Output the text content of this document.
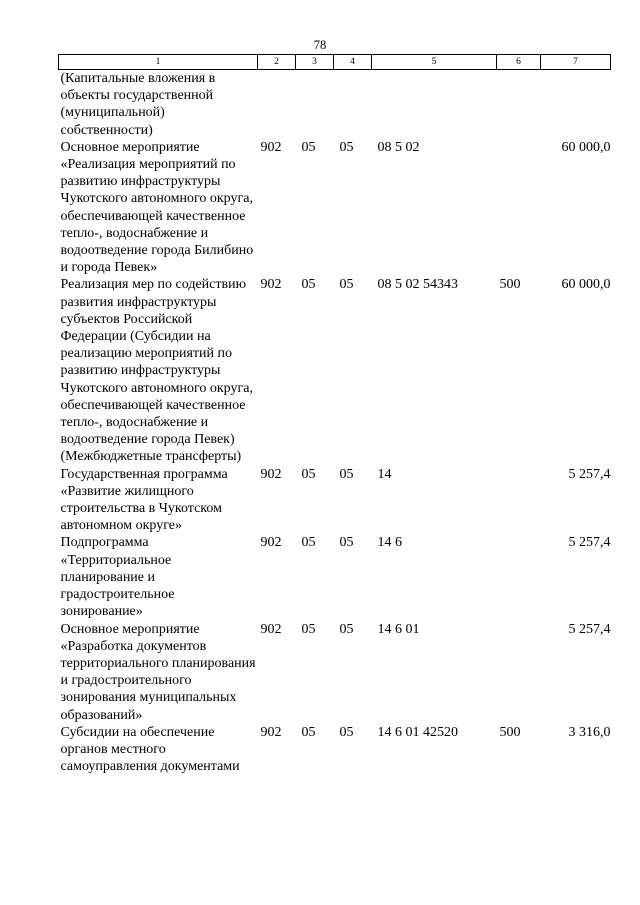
78
1	2	3	4	5	6	7
(Капитальные вложения в объекты государственной (муниципальной) собственности)						
Основное мероприятие «Реализация мероприятий по развитию инфраструктуры Чукотского автономного округа, обеспечивающей качественное тепло-, водоснабжение и водоотведение города Билибино и города Певек»	902	05	05	08 5 02		60 000,0
Реализация мер по содействию развития инфраструктуры субъектов Российской Федерации (Субсидии на реализацию мероприятий по развитию инфраструктуры Чукотского автономного округа, обеспечивающей качественное тепло-, водоснабжение и водоотведение города Певек) (Межбюджетные трансферты)	902	05	05	08 5 02 54343	500	60 000,0
Государственная программа «Развитие жилищного строительства в Чукотском автономном округе»	902	05	05	14		5 257,4
Подпрограмма «Территориальное планирование и градостроительное зонирование»	902	05	05	14 6		5 257,4
Основное мероприятие «Разработка документов территориального планирования и градостроительного зонирования муниципальных образований»	902	05	05	14 6 01		5 257,4
Субсидии на обеспечение органов местного самоуправления документами	902	05	05	14 6 01 42520	500	3 316,0
